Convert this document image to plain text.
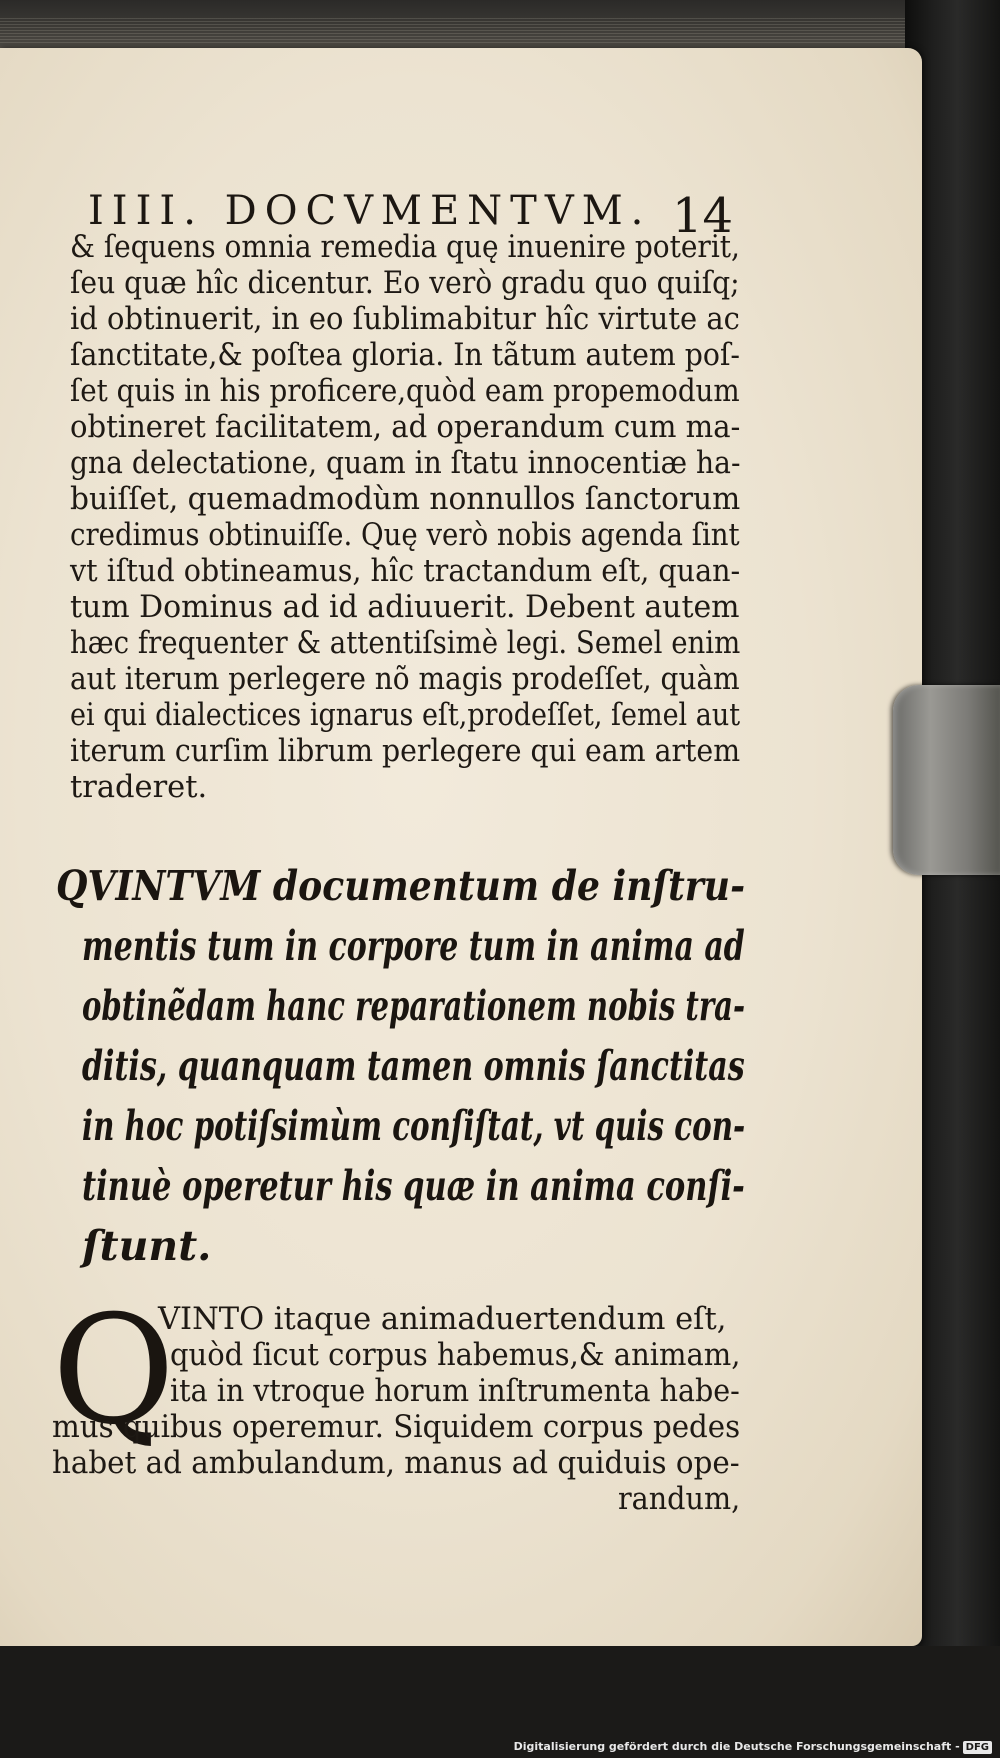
IIII. DOCVMENTVM. 14
& ſequens omnia remedia quę inuenire poterit,
ſeu quæ hîc dicentur. Eo verò gradu quo quiſq;
id obtinuerit, in eo ſublimabitur hîc virtute ac
ſanctitate,& poſtea gloria. In tãtum autem poſ-
ſet quis in his proficere,quòd eam propemodum
obtineret facilitatem, ad operandum cum ma-
gna delectatione, quam in ſtatu innocentiæ ha-
buiſſet, quemadmodùm nonnullos ſanctorum
credimus obtinuiſſe. Quę verò nobis agenda ſint
vt iſtud obtineamus, hîc tractandum eſt, quan-
tum Dominus ad id adiuuerit. Debent autem
hæc frequenter & attentiſsimè legi. Semel enim
aut iterum perlegere nõ magis prodeſſet, quàm
ei qui dialectices ignarus eſt,prodeſſet, ſemel aut
iterum curſim librum perlegere qui eam artem
traderet.
QVINTVM documentum de inſtru-
mentis tum in corpore tum in anima ad
obtinẽdam hanc reparationem nobis tra-
ditis, quanquam tamen omnis ſanctitas
in hoc potiſsimùm conſiſtat, vt quis con-
tinuè operetur his quæ in anima conſi-
ſtunt.
Q
VINTO itaque animaduertendum eſt,
quòd ſicut corpus habemus,& animam,
ita in vtroque horum inſtrumenta habe-
mus quibus operemur. Siquidem corpus pedes
habet ad ambulandum, manus ad quiduis ope-
randum,
Digitalisierung gefördert durch die Deutsche Forschungsgemeinschaft - DFG
